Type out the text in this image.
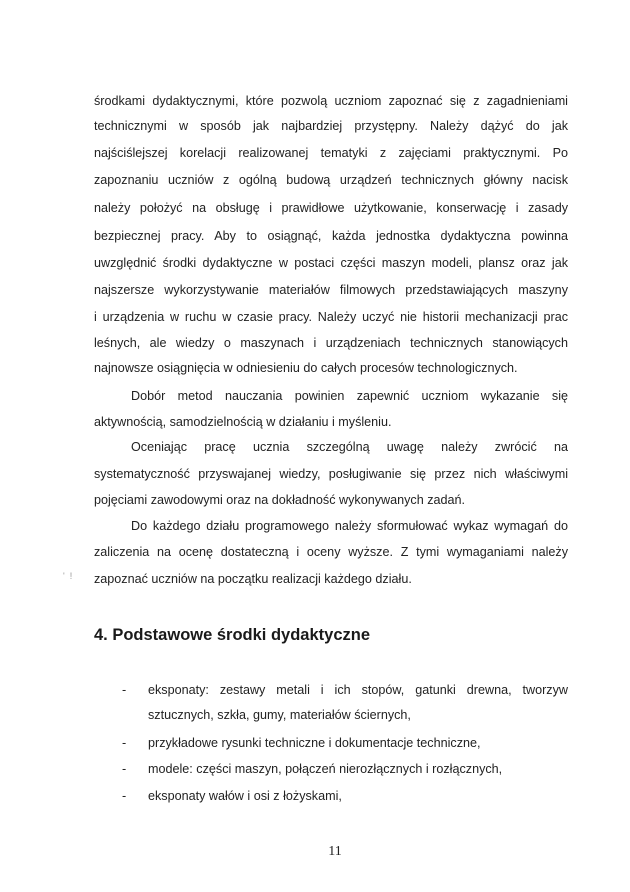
środkami dydaktycznymi, które pozwolą uczniom zapoznać się z zagadnieniami
technicznymi w sposób jak najbardziej przystępny. Należy dążyć do jak
najściślejszej korelacji realizowanej tematyki z zajęciami praktycznymi. Po
zapoznaniu uczniów z ogólną budową urządzeń technicznych główny nacisk
należy położyć na obsługę i prawidłowe użytkowanie, konserwację i zasady
bezpiecznej pracy. Aby to osiągnąć, każda jednostka dydaktyczna powinna
uwzględnić środki dydaktyczne w postaci części maszyn modeli, plansz oraz jak
najszersze wykorzystywanie materiałów filmowych przedstawiających maszyny
i urządzenia w ruchu w czasie pracy. Należy uczyć nie historii mechanizacji prac
leśnych, ale wiedzy o maszynach i urządzeniach technicznych stanowiących
najnowsze osiągnięcia w odniesieniu do całych procesów technologicznych.
Dobór metod nauczania powinien zapewnić uczniom wykazanie się
aktywnością, samodzielnością w działaniu i myśleniu.
Oceniając pracę ucznia szczególną uwagę należy zwrócić na
systematyczność przyswajanej wiedzy, posługiwanie się przez nich właściwymi
pojęciami zawodowymi oraz na dokładność wykonywanych zadań.
Do każdego działu programowego należy sformułować wykaz wymagań do
zaliczenia na ocenę dostateczną i oceny wyższe. Z tymi wymaganiami należy
zapoznać uczniów na początku realizacji każdego działu.
'  !
4. Podstawowe środki dydaktyczne
- eksponaty: zestawy metali i ich stopów, gatunki drewna, tworzyw
sztucznych, szkła, gumy, materiałów ściernych,
- przykładowe rysunki techniczne i dokumentacje techniczne,
- modele: części maszyn, połączeń nierozłącznych i rozłącznych,
- eksponaty wałów i osi z łożyskami,
11
